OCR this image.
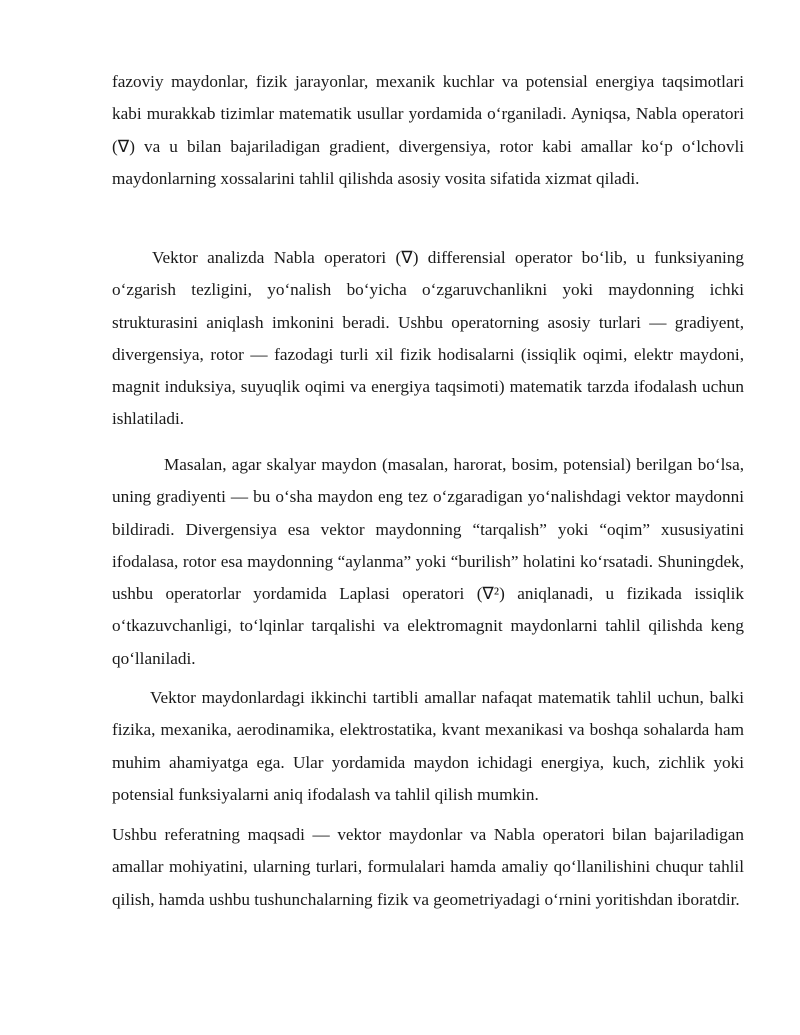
fazoviy maydonlar, fizik jarayonlar, mexanik kuchlar va potensial energiya taqsimotlari kabi murakkab tizimlar matematik usullar yordamida o‘rganiladi. Ayniqsa, Nabla operatori (∇) va u bilan bajariladigan gradient, divergensiya, rotor kabi amallar ko‘p o‘lchovli maydonlarning xossalarini tahlil qilishda asosiy vosita sifatida xizmat qiladi.

Vektor analizda Nabla operatori (∇) differensial operator bo‘lib, u funksiyaning o‘zgarish tezligini, yo‘nalish bo‘yicha o‘zgaruvchanlikni yoki maydonning ichki strukturasini aniqlash imkonini beradi. Ushbu operatorning asosiy turlari — gradiyent, divergensiya, rotor — fazodagi turli xil fizik hodisalarni (issiqlik oqimi, elektr maydoni, magnit induksiya, suyuqlik oqimi va energiya taqsimoti) matematik tarzda ifodalash uchun ishlatiladi.

Masalan, agar skalyar maydon (masalan, harorat, bosim, potensial) berilgan bo‘lsa, uning gradiyenti — bu o‘sha maydon eng tez o‘zgaradigan yo‘nalishdagi vektor maydonni bildiradi. Divergensiya esa vektor maydonning “tarqalish” yoki “oqim” xususiyatini ifodalasa, rotor esa maydonning “aylanma” yoki “burilish” holatini ko‘rsatadi. Shuningdek, ushbu operatorlar yordamida Laplasi operatori (∇²) aniqlanadi, u fizikada issiqlik o‘tkazuvchanligi, to‘lqinlar tarqalishi va elektromagnit maydonlarni tahlil qilishda keng qo‘llaniladi.

Vektor maydonlardagi ikkinchi tartibli amallar nafaqat matematik tahlil uchun, balki fizika, mexanika, aerodinamika, elektrostatika, kvant mexanikasi va boshqa sohalarda ham muhim ahamiyatga ega. Ular yordamida maydon ichidagi energiya, kuch, zichlik yoki potensial funksiyalarni aniq ifodalash va tahlil qilish mumkin.

Ushbu referatning maqsadi — vektor maydonlar va Nabla operatori bilan bajariladigan amallar mohiyatini, ularning turlari, formulalari hamda amaliy qo‘llanilishini chuqur tahlil qilish, hamda ushbu tushunchalarning fizik va geometriyadagi o‘rnini yoritishdan iboratdir.
